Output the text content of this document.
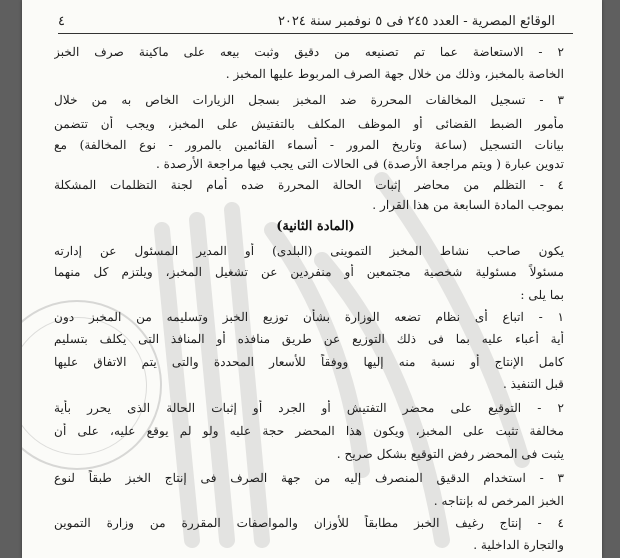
الوقائع المصرية - العدد ٢٤٥ فى ٥ نوفمبر سنة ٢٠٢٤
٤
٢ - الاستعاضة عما تم تصنيعه من دقيق وثبت بيعه على ماكينة صرف الخبز
الخاصة بالمخبز، وذلك من خلال جهة الصرف المربوط عليها المخبز .
٣ - تسجيل المخالفات المحررة ضد المخبز بسجل الزيارات الخاص به من خلال
مأمور الضبط القضائى أو الموظف المكلف بالتفتيش على المخبز، ويجب أن تتضمن
بيانات التسجيل (ساعة وتاريخ المرور - أسماء القائمين بالمرور - نوع المخالفة) مع
تدوين عبارة ( ويتم مراجعة الأرصدة) فى الحالات التى يجب فيها مراجعة الأرصدة .
٤ - التظلم من محاضر إثبات الحالة المحررة ضده أمام لجنة التظلمات المشكلة
بموجب المادة السابعة من هذا القرار .
(المادة الثانية)
يكون صاحب نشاط المخبز التموينى (البلدى) أو المدير المسئول عن إدارته
مسئولاً مسئولية شخصية مجتمعين أو منفردين عن تشغيل المخبز، ويلتزم كل منهما
بما يلى :
١ - اتباع أى نظام تضعه الوزارة بشأن توزيع الخبز وتسليمه من المخبز دون
أية أعباء عليه بما فى ذلك التوزيع عن طريق منافذه أو المنافذ التى يكلف بتسليم
كامل الإنتاج أو نسبة منه إليها ووفقاً للأسعار المحددة والتى يتم الاتفاق عليها
قبل التنفيذ .
٢ - التوقيع على محضر التفتيش أو الجرد أو إثبات الحالة الذى يحرر بأية
مخالفة تثبت على المخبز، ويكون هذا المحضر حجة عليه ولو لم يوقع عليه، على أن
يثبت فى المحضر رفض التوقيع بشكل صريح .
٣ - استخدام الدقيق المنصرف إليه من جهة الصرف فى إنتاج الخبز طبقاً لنوع
الخبز المرخص له بإنتاجه .
٤ - إنتاج رغيف الخبز مطابقاً للأوزان والمواصفات المقررة من وزارة التموين
والتجارة الداخلية .
